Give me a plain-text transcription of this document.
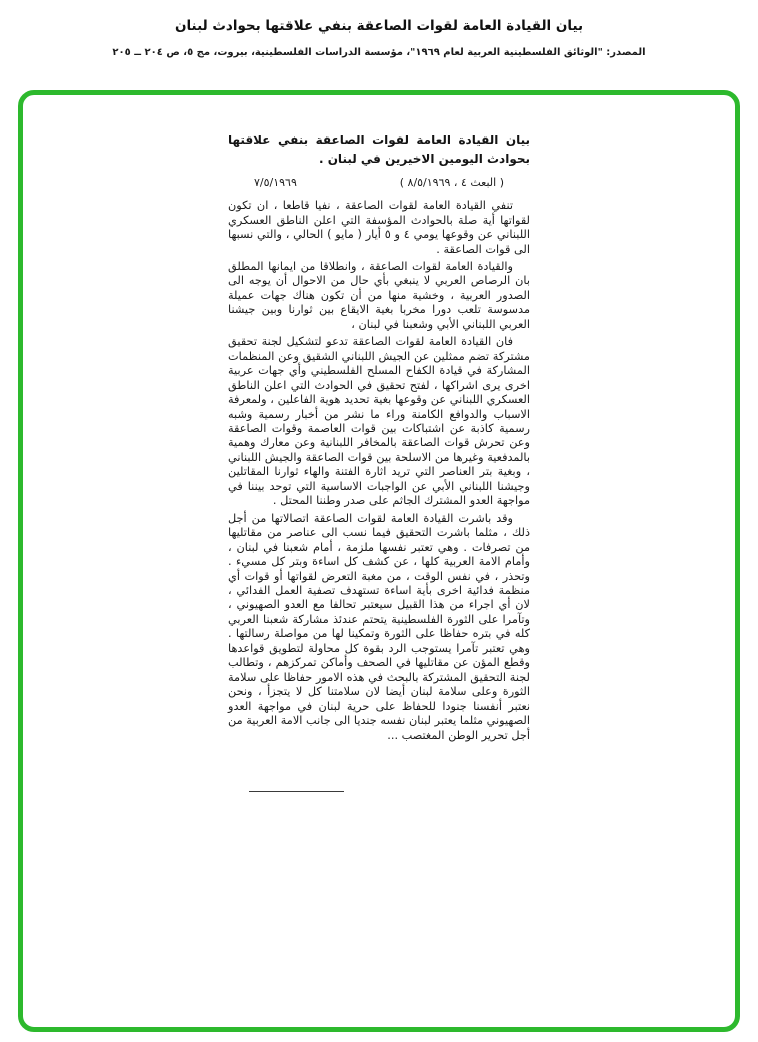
بيان القيادة العامة لقوات الصاعقة بنفي علاقتها بحوادث لبنان
المصدر: "الوثائق الفلسطينية العربية لعام ١٩٦٩"، مؤسسة الدراسات الفلسطينية، بيروت، مج ٥، ص ٢٠٤ ــ ٢٠٥
بيان القيادة العامة لقوات الصاعقة بنفي علاقتها بحوادث اليومين الاخيرين في لبنان .
( البعث ٤ ، ٨/٥/١٩٦٩ )
٧/٥/١٩٦٩

تنفي القيادة العامة لقوات الصاعقة ، نفيا قاطعا ، ان تكون لقواتها أية صلة بالحوادث المؤسفة التي اعلن الناطق العسكري اللبناني عن وقوعها يومي ٤ و ٥ أيار ( مايو ) الحالي ، والتي نسبها الى قوات الصاعقة .

والقيادة العامة لقوات الصاعقة ، وانطلاقا من ايمانها المطلق بان الرصاص العربي لا ينبغي بأي حال من الاحوال أن يوجه الى الصدور العربية ، وخشية منها من أن تكون هناك جهات عميلة مدسوسة تلعب دورا مخربا بغية الايقاع بين ثوارنا وبين جيشنا العربي اللبناني الأبي وشعبنا في لبنان ،

فان القيادة العامة لقوات الصاعقة تدعو لتشكيل لجنة تحقيق مشتركة تضم ممثلين عن الجيش اللبناني الشقيق وعن المنظمات المشاركة في قيادة الكفاح المسلح الفلسطيني وأي جهات عربية اخرى يرى اشراكها ، لفتح تحقيق في الحوادث التي اعلن الناطق العسكري اللبناني عن وقوعها بغية تحديد هوية الفاعلين ، ولمعرفة الاسباب والدوافع الكامنة وراء ما نشر من أخبار رسمية وشبه رسمية كاذبة عن اشتباكات بين قوات العاصمة وقوات الصاعقة وعن تحرش قوات الصاعقة بالمخافر اللبنانية وعن معارك وهمية بالمدفعية وغيرها من الاسلحة بين قوات الصاعقة والجيش اللبناني ، وبغية بتر العناصر التي تريد اثارة الفتنة والهاء ثوارنا المقاتلين وجيشنا اللبناني الأبي عن الواجبات الاساسية التي توحد بيننا في مواجهة العدو المشترك الجاثم على صدر وطننا المحتل .

وقد باشرت القيادة العامة لقوات الصاعقة اتصالاتها من أجل ذلك ، مثلما باشرت التحقيق فيما نسب الى عناصر من مقاتليها من تصرفات . وهي تعتبر نفسها ملزمة ، أمام شعبنا في لبنان ، وأمام الامة العربية كلها ، عن كشف كل اساءة وبتر كل مسيء . وتحذر ، في نفس الوقت ، من مغبة التعرض لقواتها أو قوات أي منظمة فدائية اخرى بأية اساءة تستهدف تصفية العمل الفدائي ، لان أي اجراء من هذا القبيل سيعتبر تحالفا مع العدو الصهيوني ، وتآمرا على الثورة الفلسطينية يتحتم عندئذ مشاركة شعبنا العربي كله في بتره حفاظا على الثورة وتمكينا لها من مواصلة رسالتها . وهي تعتبر تآمرا يستوجب الرد بقوة كل محاولة لتطويق قواعدها وقطع المؤن عن مقاتليها في الصحف وأماكن تمركزهم ، وتطالب لجنة التحقيق المشتركة بالبحث في هذه الامور حفاظا على سلامة الثورة وعلى سلامة لبنان أيضا لان سلامتنا كل لا يتجزأ ، ونحن نعتبر أنفسنا جنودا للحفاظ على حرية لبنان في مواجهة العدو الصهيوني مثلما يعتبر لبنان نفسه جنديا الى جانب الامة العربية من أجل تحرير الوطن المغتصب ...
